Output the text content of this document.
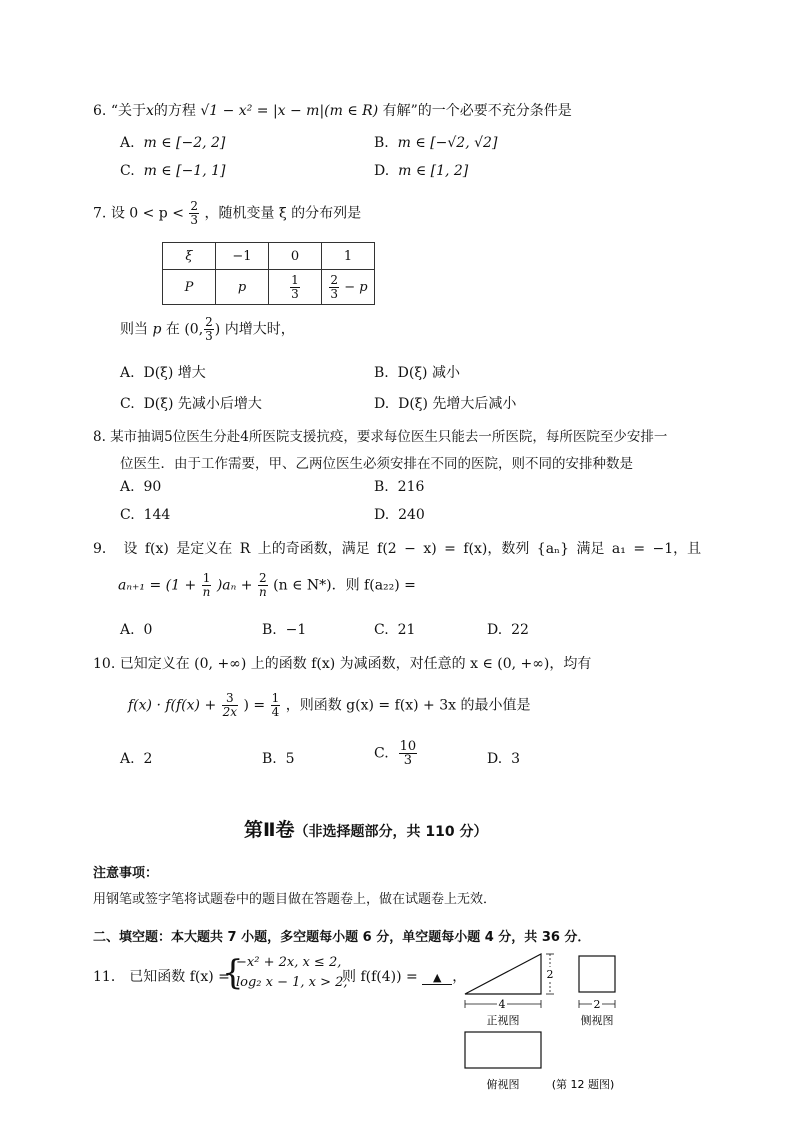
6. “关于x的方程 √1 − x² = |x − m|(m ∈ R) 有解”的一个必要不充分条件是
A. m ∈ [−2, 2]	B. m ∈ [−√2, √2]
C. m ∈ [−1, 1]	D. m ∈ [1, 2]
7. 设 $0 < p < \frac{2}{3}$ ，随机变量 ξ 的分布列是
ξ	−1	0	1
P	p	$\frac{1}{3}$	$\frac{2}{3} - p$
则当 p 在 (0, $\frac{2}{3}$ ) 内增大时，
A. D(ξ) 增大	B. D(ξ) 减小
C. D(ξ) 先减小后增大	D. D(ξ) 先增大后减小
8. 某市抽调5位医生分赴4所医院支援抗疫，要求每位医生只能去一所医院，每所医院至少安排一
位医生．由于工作需要，甲、乙两位医生必须安排在不同的医院，则不同的安排种数是
A. 90	B. 216
C. 144	D. 240
9． 设 f(x) 是定义在 R 上的奇函数，满足 f(2 − x) = f(x)，数列 {aₙ} 满足 a₁ = −1，且
$a_{n+1} = (1 + \frac{1}{n} )a_n + \frac{2}{n} (n$ ∈ N*)．则 f(a₂₂) =
A. 0	B. −1	C. 21	D. 22
10. 已知定义在 (0, +∞) 上的函数 f(x) 为减函数，对任意的 x ∈ (0, +∞)，均有
$f(x) \cdot f(f(x) + \frac{3}{2x}$ ) = $\frac{1}{4}$ ，则函数 g(x) = f(x) + 3x 的最小值是
A. 2	B. 5	C. $\frac{10}{3}$	D. 3
第Ⅱ卷（非选择题部分，共 110 分）
注意事项：
用钢笔或签字笔将试题卷中的题目做在答题卷上，做在试题卷上无效．
二、填空题：本大题共 7 小题，多空题每小题 6 分，单空题每小题 4 分，共 36 分．
11． 已知函数 f(x) =
{
−x² + 2x, x ≤ 2,
log₂ x − 1, x > 2,
则 f(f(4)) = ▲ ，
4
2
2
正视图	侧视图
俯视图	(第 12 题图)
